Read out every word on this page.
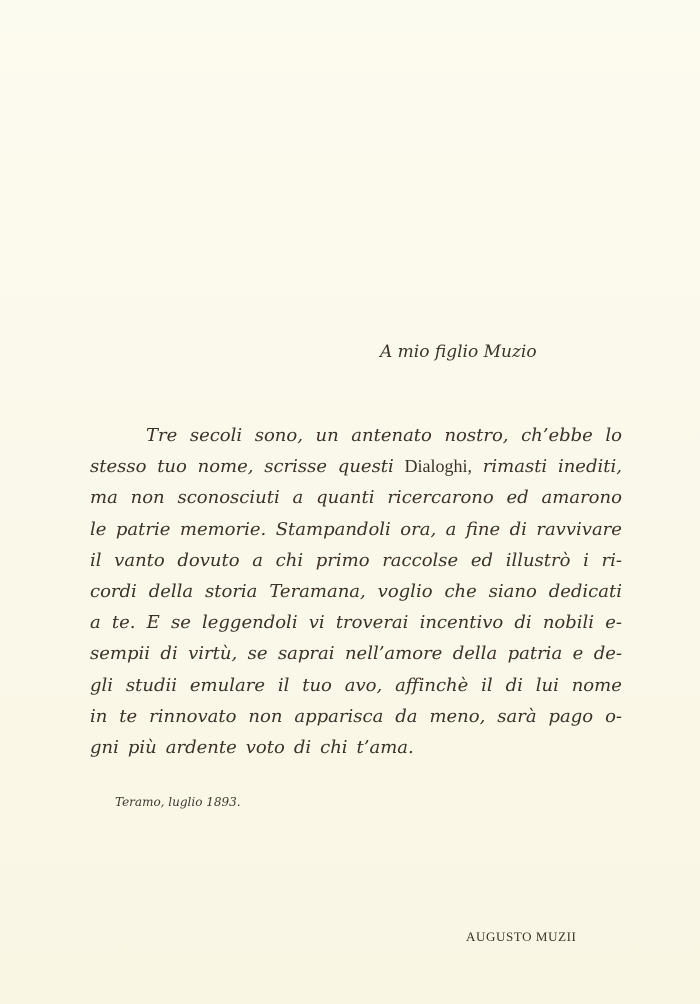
A mio figlio Muzio
Tre secoli sono, un antenato nostro, ch’ebbe lo
stesso tuo nome, scrisse questi Dialoghi, rimasti inediti,
ma non sconosciuti a quanti ricercarono ed amarono
le patrie memorie. Stampandoli ora, a fine di ravvivare
il vanto dovuto a chi primo raccolse ed illustrò i ri-
cordi della storia Teramana, voglio che siano dedicati
a te. E se leggendoli vi troverai incentivo di nobili e-
sempii di virtù, se saprai nell’amore della patria e de-
gli studii emulare il tuo avo, affinchè il di lui nome
in te rinnovato non apparisca da meno, sarà pago o-
gni più ardente voto di chi t’ama.
Teramo, luglio 1893.
AUGUSTO MUZII
